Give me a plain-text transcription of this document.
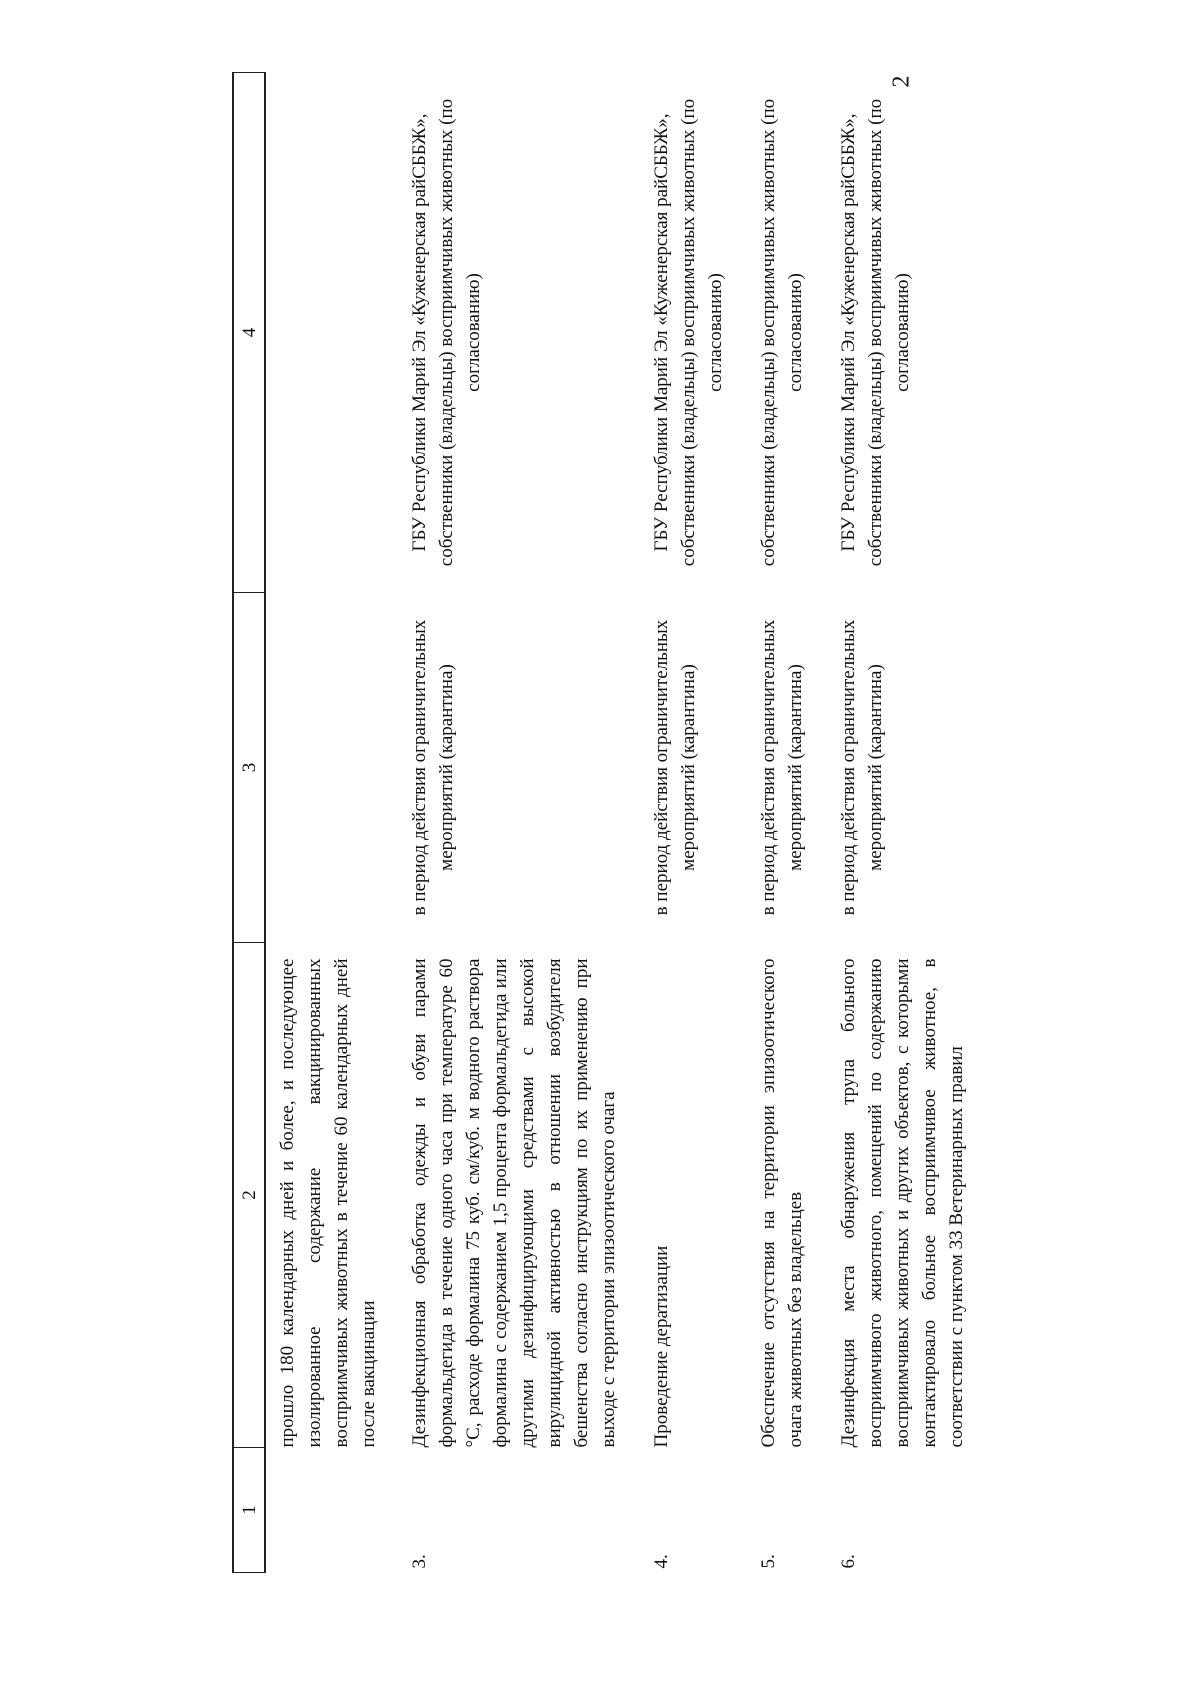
2
1	2	3	4
	прошло 180 календарных дней и более, и последующее изолированное содержание вакцинированных восприимчивых животных в течение 60 календарных дней после вакцинации		
3.	Дезинфекционная обработка одежды и обуви парами формальдегида в течение одного часа при температуре 60 °С, расходе формалина 75 куб. см/куб. м водного раствора формалина с содержанием 1,5 процента формальдегида или другими дезинфицирующими средствами с высокой вирулицидной активностью в отношении возбудителя бешенства согласно инструкциям по их применению при выходе с территории эпизоотического очага	в период действия ограничительных мероприятий (карантина)	ГБУ Республики Марий Эл «Куженерская райСББЖ», собственники (владельцы) восприимчивых животных (по согласованию)
4.	Проведение дератизации	в период действия ограничительных мероприятий (карантина)	ГБУ Республики Марий Эл «Куженерская райСББЖ», собственники (владельцы) восприимчивых животных (по согласованию)
5.	Обеспечение отсутствия на территории эпизоотического очага животных без владельцев	в период действия ограничительных мероприятий (карантина)	собственники (владельцы) восприимчивых животных (по согласованию)
6.	Дезинфекция места обнаружения трупа больного восприимчивого животного, помещений по содержанию восприимчивых животных и других объектов, с которыми контактировало больное восприимчивое животное, в соответствии с пунктом 33 Ветеринарных правил	в период действия ограничительных мероприятий (карантина)	ГБУ Республики Марий Эл «Куженерская райСББЖ», собственники (владельцы) восприимчивых животных (по согласованию)
